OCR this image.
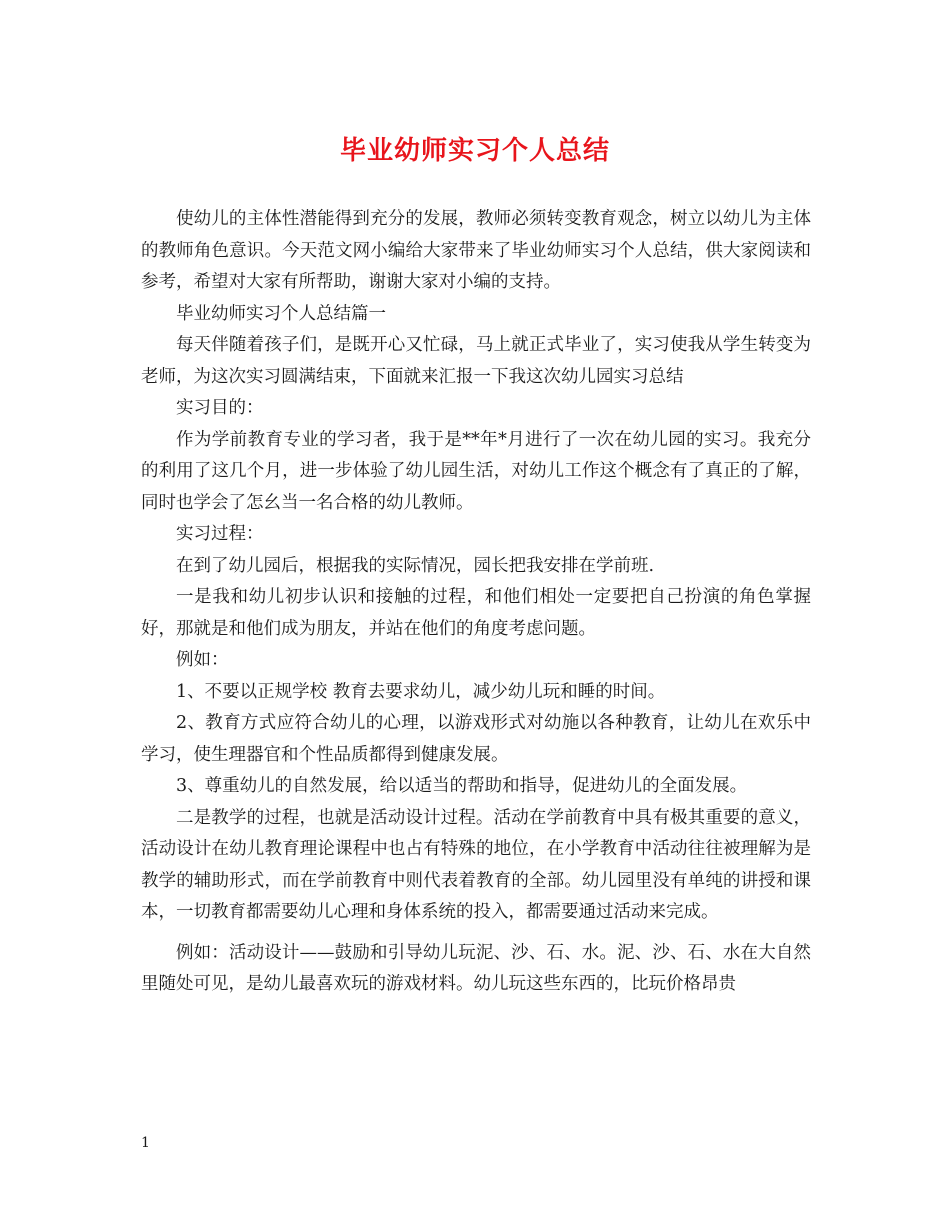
毕业幼师实习个人总结

使幼儿的主体性潜能得到充分的发展，教师必须转变教育观念，树立以幼儿为主体的教师角色意识。今天范文网小编给大家带来了毕业幼师实习个人总结，供大家阅读和参考，希望对大家有所帮助，谢谢大家对小编的支持。

毕业幼师实习个人总结篇一

每天伴随着孩子们，是既开心又忙碌，马上就正式毕业了，实习使我从学生转变为老师，为这次实习圆满结束，下面就来汇报一下我这次幼儿园实习总结

实习目的：

作为学前教育专业的学习者，我于是**年*月进行了一次在幼儿园的实习。我充分的利用了这几个月，进一步体验了幼儿园生活，对幼儿工作这个概念有了真正的了解，同时也学会了怎幺当一名合格的幼儿教师。

实习过程：

在到了幼儿园后，根据我的实际情况，园长把我安排在学前班.

一是我和幼儿初步认识和接触的过程，和他们相处一定要把自己扮演的角色掌握好，那就是和他们成为朋友，并站在他们的角度考虑问题。

例如：

1、不要以正规学校 教育去要求幼儿，减少幼儿玩和睡的时间。

2、教育方式应符合幼儿的心理，以游戏形式对幼施以各种教育，让幼儿在欢乐中学习，使生理器官和个性品质都得到健康发展。

3、尊重幼儿的自然发展，给以适当的帮助和指导，促进幼儿的全面发展。

二是教学的过程，也就是活动设计过程。活动在学前教育中具有极其重要的意义，活动设计在幼儿教育理论课程中也占有特殊的地位，在小学教育中活动往往被理解为是教学的辅助形式，而在学前教育中则代表着教育的全部。幼儿园里没有单纯的讲授和课本，一切教育都需要幼儿心理和身体系统的投入，都需要通过活动来完成。

例如：活动设计——鼓励和引导幼儿玩泥、沙、石、水。泥、沙、石、水在大自然里随处可见，是幼儿最喜欢玩的游戏材料。幼儿玩这些东西的，比玩价格昂贵

1
